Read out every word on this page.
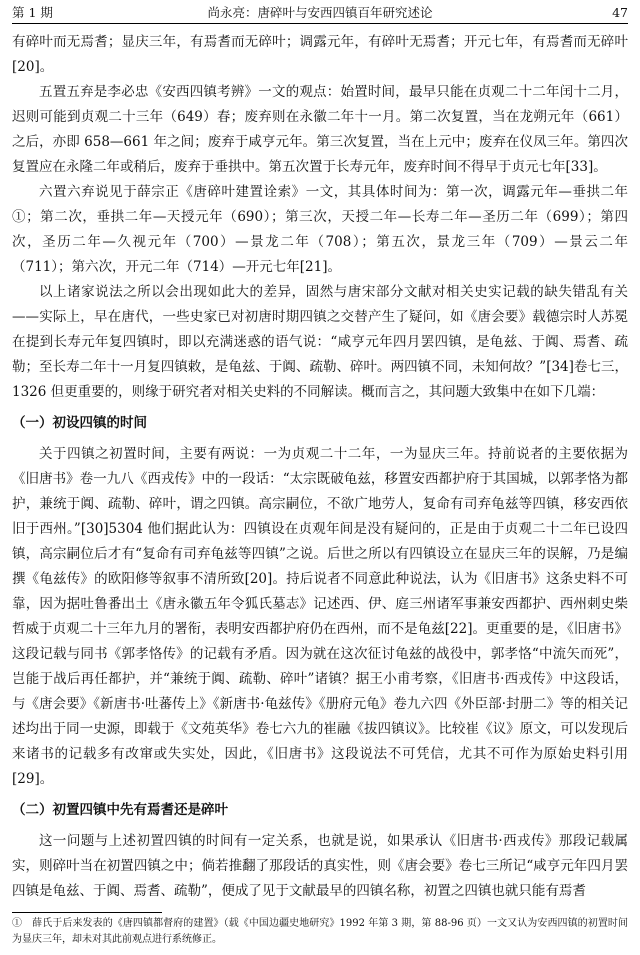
第 1 期	尚永亮：唐碎叶与安西四镇百年研究述论	47

有碎叶而无焉耆；显庆三年，有焉耆而无碎叶；调露元年，有碎叶无焉耆；开元七年，有焉耆而无碎叶[20]。

五置五弃是李必忠《安西四镇考辨》一文的观点：始置时间，最早只能在贞观二十二年闰十二月，迟则可能到贞观二十三年（649）春；废弃则在永徽二年十一月。第二次复置，当在龙朔元年（661）之后，亦即 658—661 年之间；废弃于咸亨元年。第三次复置，当在上元中；废弃在仪凤三年。第四次复置应在永隆二年或稍后，废弃于垂拱中。第五次置于长寿元年，废弃时间不得早于贞元七年[33]。

六置六弃说见于薛宗正《唐碎叶建置诠索》一文，其具体时间为：第一次，调露元年—垂拱二年①；第二次，垂拱二年—天授元年（690）；第三次，天授二年—长寿二年—圣历二年（699）；第四次，圣历二年—久视元年（700）—景龙二年（708）；第五次，景龙三年（709）—景云二年（711）；第六次，开元二年（714）—开元七年[21]。

以上诸家说法之所以会出现如此大的差异，固然与唐宋部分文献对相关史实记载的缺失错乱有关——实际上，早在唐代，一些史家已对初唐时期四镇之交替产生了疑问，如《唐会要》载德宗时人苏冕在提到长寿元年复四镇时，即以充满迷惑的语气说：“咸亨元年四月罢四镇，是龟兹、于阗、焉耆、疏勒；至长寿二年十一月复四镇敕，是龟兹、于阗、疏勒、碎叶。两四镇不同，未知何故？”[34]卷七三，1326 但更重要的，则缘于研究者对相关史料的不同解读。概而言之，其问题大致集中在如下几端：

（一）初设四镇的时间

关于四镇之初置时间，主要有两说：一为贞观二十二年，一为显庆三年。持前说者的主要依据为《旧唐书》卷一九八《西戎传》中的一段话：“太宗既破龟兹，移置安西都护府于其国城，以郭孝恪为都护，兼统于阗、疏勒、碎叶，谓之四镇。高宗嗣位，不欲广地劳人，复命有司弃龟兹等四镇，移安西依旧于西州。”[30]5304 他们据此认为：四镇设在贞观年间是没有疑问的，正是由于贞观二十二年已设四镇，高宗嗣位后才有“复命有司弃龟兹等四镇”之说。后世之所以有四镇设立在显庆三年的误解，乃是编撰《龟兹传》的欧阳修等叙事不清所致[20]。持后说者不同意此种说法，认为《旧唐书》这条史料不可靠，因为据吐鲁番出土《唐永徽五年令狐氏墓志》记述西、伊、庭三州诸军事兼安西都护、西州刺史柴哲威于贞观二十三年九月的署衔，表明安西都护府仍在西州，而不是龟兹[22]。更重要的是，《旧唐书》这段记载与同书《郭孝恪传》的记载有矛盾。因为就在这次征讨龟兹的战役中，郭孝恪“中流矢而死”，岂能于战后再任都护，并“兼统于阗、疏勒、碎叶”诸镇？据王小甫考察，《旧唐书·西戎传》中这段话，与《唐会要》《新唐书·吐蕃传上》《新唐书·龟兹传》《册府元龟》卷九六四《外臣部·封册二》等的相关记述均出于同一史源，即载于《文苑英华》卷七六九的崔融《拔四镇议》。比较崔《议》原文，可以发现后来诸书的记载多有改窜或失实处，因此，《旧唐书》这段说法不可凭信，尤其不可作为原始史料引用[29]。

（二）初置四镇中先有焉耆还是碎叶

这一问题与上述初置四镇的时间有一定关系，也就是说，如果承认《旧唐书·西戎传》那段记载属实，则碎叶当在初置四镇之中；倘若推翻了那段话的真实性，则《唐会要》卷七三所记“咸亨元年四月罢四镇是龟兹、于阗、焉耆、疏勒”，便成了见于文献最早的四镇名称，初置之四镇也就只能有焉耆

①　薛氏于后来发表的《唐四镇都督府的建置》（载《中国边疆史地研究》1992 年第 3 期，第 88-96 页）一文又认为安西四镇的初置时间为显庆三年，却未对其此前观点进行系统修正。
